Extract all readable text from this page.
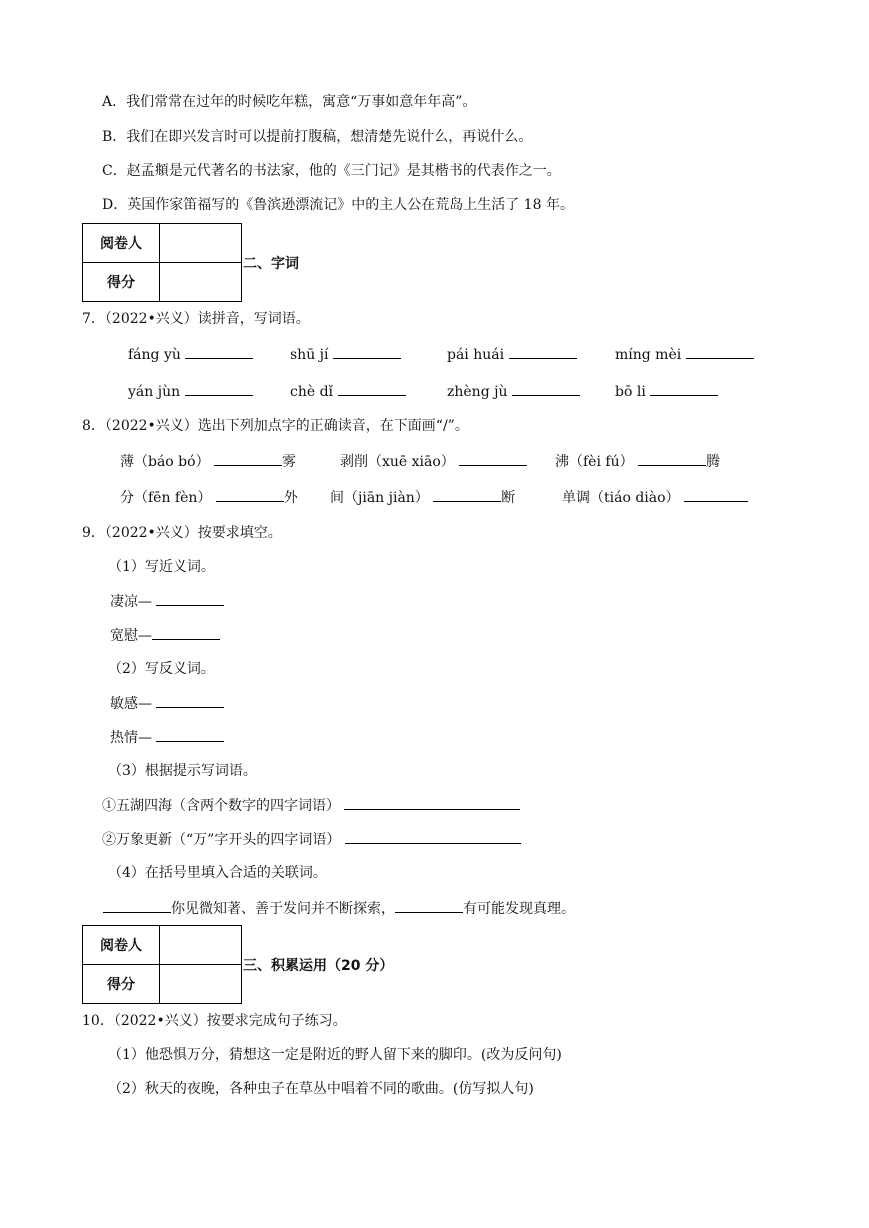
A．我们常常在过年的时候吃年糕，寓意“万事如意年年高”。
B．我们在即兴发言时可以提前打腹稿，想清楚先说什么，再说什么。
C．赵孟頫是元代著名的书法家，他的《三门记》是其楷书的代表作之一。
D．英国作家笛福写的《鲁滨逊漂流记》中的主人公在荒岛上生活了 18 年。
阅卷人	
得分	
二、字词
7．（2022•兴义）读拼音，写词语。
fáng yù	shū jí	pái huái	míng mèi
yán jùn	chè dǐ	zhèng jù	bō li
8．（2022•兴义）选出下列加点字的正确读音，在下面画“/”。
薄（báo bó）	雾	剥削（xuē xiāo）	沸（fèi fú）	腾
分（fēn fèn）	外 间（jiān jiàn）	断	单调（tiáo diào）
9．（2022•兴义）按要求填空。
（1）写近义词。
凄凉—
宽慰—
（2）写反义词。
敏感—
热情—
（3）根据提示写词语。
①五湖四海（含两个数字的四字词语）
②万象更新（“万”字开头的四字词语）
（4）在括号里填入合适的关联词。
你见微知著、善于发问并不断探索，	有可能发现真理。
阅卷人	
得分	
三、积累运用（20 分）
10．（2022•兴义）按要求完成句子练习。
（1）他恐惧万分，猜想这一定是附近的野人留下来的脚印。(改为反问句)
（2）秋天的夜晚，各种虫子在草丛中唱着不同的歌曲。(仿写拟人句)
